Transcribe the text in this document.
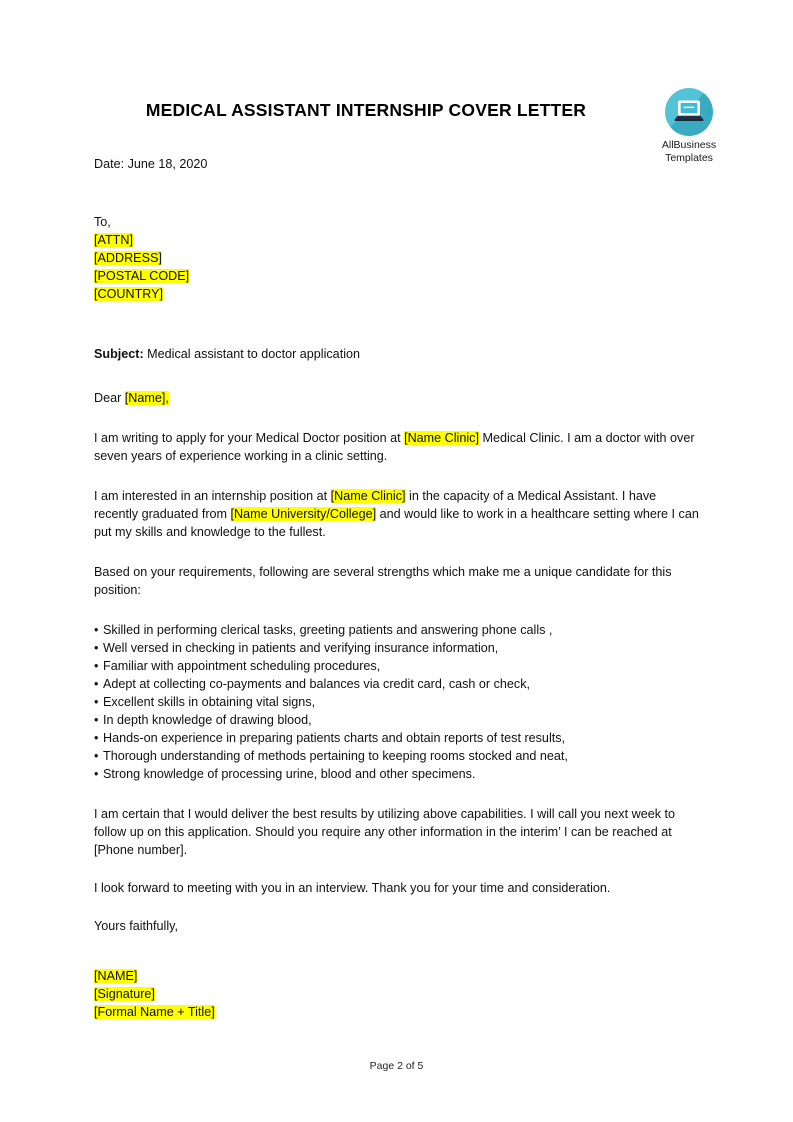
MEDICAL ASSISTANT INTERNSHIP COVER LETTER
AllBusiness
Templates
Date: June 18, 2020
To,
[ATTN]
[ADDRESS]
[POSTAL CODE]
[COUNTRY]
Subject: Medical assistant to doctor application
Dear [Name],
I am writing to apply for your Medical Doctor position at [Name Clinic] Medical Clinic. I am a doctor with over seven years of experience working in a clinic setting.
I am interested in an internship position at [Name Clinic] in the capacity of a Medical Assistant. I have recently graduated from [Name University/College] and would like to work in a healthcare setting where I can put my skills and knowledge to the fullest.
Based on your requirements, following are several strengths which make me a unique candidate for this position:
• Skilled in performing clerical tasks, greeting patients and answering phone calls ,
• Well versed in checking in patients and verifying insurance information,
• Familiar with appointment scheduling procedures,
• Adept at collecting co-payments and balances via credit card, cash or check,
• Excellent skills in obtaining vital signs,
• In depth knowledge of drawing blood,
• Hands-on experience in preparing patients charts and obtain reports of test results,
• Thorough understanding of methods pertaining to keeping rooms stocked and neat,
• Strong knowledge of processing urine, blood and other specimens.
I am certain that I would deliver the best results by utilizing above capabilities. I will call you next week to follow up on this application. Should you require any other information in the interim’ I can be reached at [Phone number].
I look forward to meeting with you in an interview. Thank you for your time and consideration.
Yours faithfully,
[NAME]
[Signature]
[Formal Name + Title]
Page 2 of 5
